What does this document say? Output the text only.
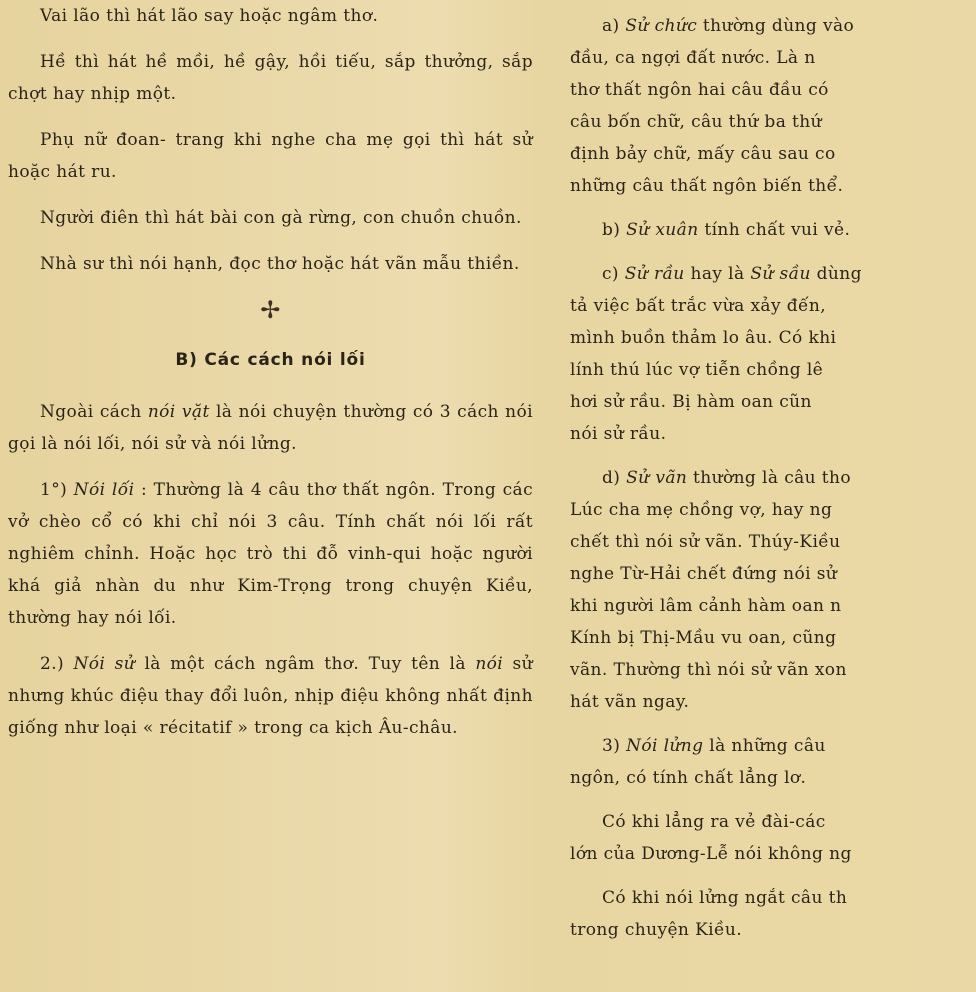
Vai lão thì hát lão say hoặc ngâm thơ.

Hề thì hát hề mồi, hề gậy, hồi tiếu, sắp thưởng, sắp chợt hay nhịp một.

Phụ nữ đoan- trang khi nghe cha mẹ gọi thì hát sử hoặc hát ru.

Người điên thì hát bài con gà rừng, con chuồn chuồn.

Nhà sư thì nói hạnh, đọc thơ hoặc hát vãn mẫu thiền.

✢
B) Các cách nói lối

Ngoài cách nói vặt là nói chuyện thường có 3 cách nói gọi là nói lối, nói sử và nói lửng.

1°) Nói lối : Thường là 4 câu thơ thất ngôn. Trong các vở chèo cổ có khi chỉ nói 3 câu. Tính chất nói lối rất nghiêm chỉnh. Hoặc học trò thi đỗ vinh-qui hoặc người khá giả nhàn du như Kim-Trọng trong chuyện Kiều, thường hay nói lối.

2.) Nói sử là một cách ngâm thơ. Tuy tên là nói sử nhưng khúc điệu thay đổi luôn, nhịp điệu không nhất định giống như loại « récitatif » trong ca kịch Âu-châu.

a) Sử chức thường dùng vào
đầu, ca ngợi đất nước. Là n
thơ thất ngôn hai câu đầu có
câu bốn chữ, câu thứ ba thứ
định bảy chữ, mấy câu sau co
những câu thất ngôn biến thể.
b) Sử xuân tính chất vui vẻ.
c) Sử rầu hay là Sử sầu dùng
tả việc bất trắc vừa xảy đến,
mình buồn thảm lo âu. Có khi
lính thú lúc vợ tiễn chồng lê
hơi sử rầu. Bị hàm oan cũn
nói sử rầu.
d) Sử vãn thường là câu tho
Lúc cha mẹ chồng vợ, hay ng
chết thì nói sử vãn. Thúy-Kiều
nghe Từ-Hải chết đứng nói sử
khi người lâm cảnh hàm oan n
Kính bị Thị-Mầu vu oan, cũng
vãn. Thường thì nói sử vãn xon
hát vãn ngay.
3) Nói lửng là những câu
ngôn, có tính chất lẳng lơ.
Có khi lẳng ra vẻ đài-các
lớn của Dương-Lễ nói không ng
Có khi nói lửng ngắt câu th
trong chuyện Kiều.
